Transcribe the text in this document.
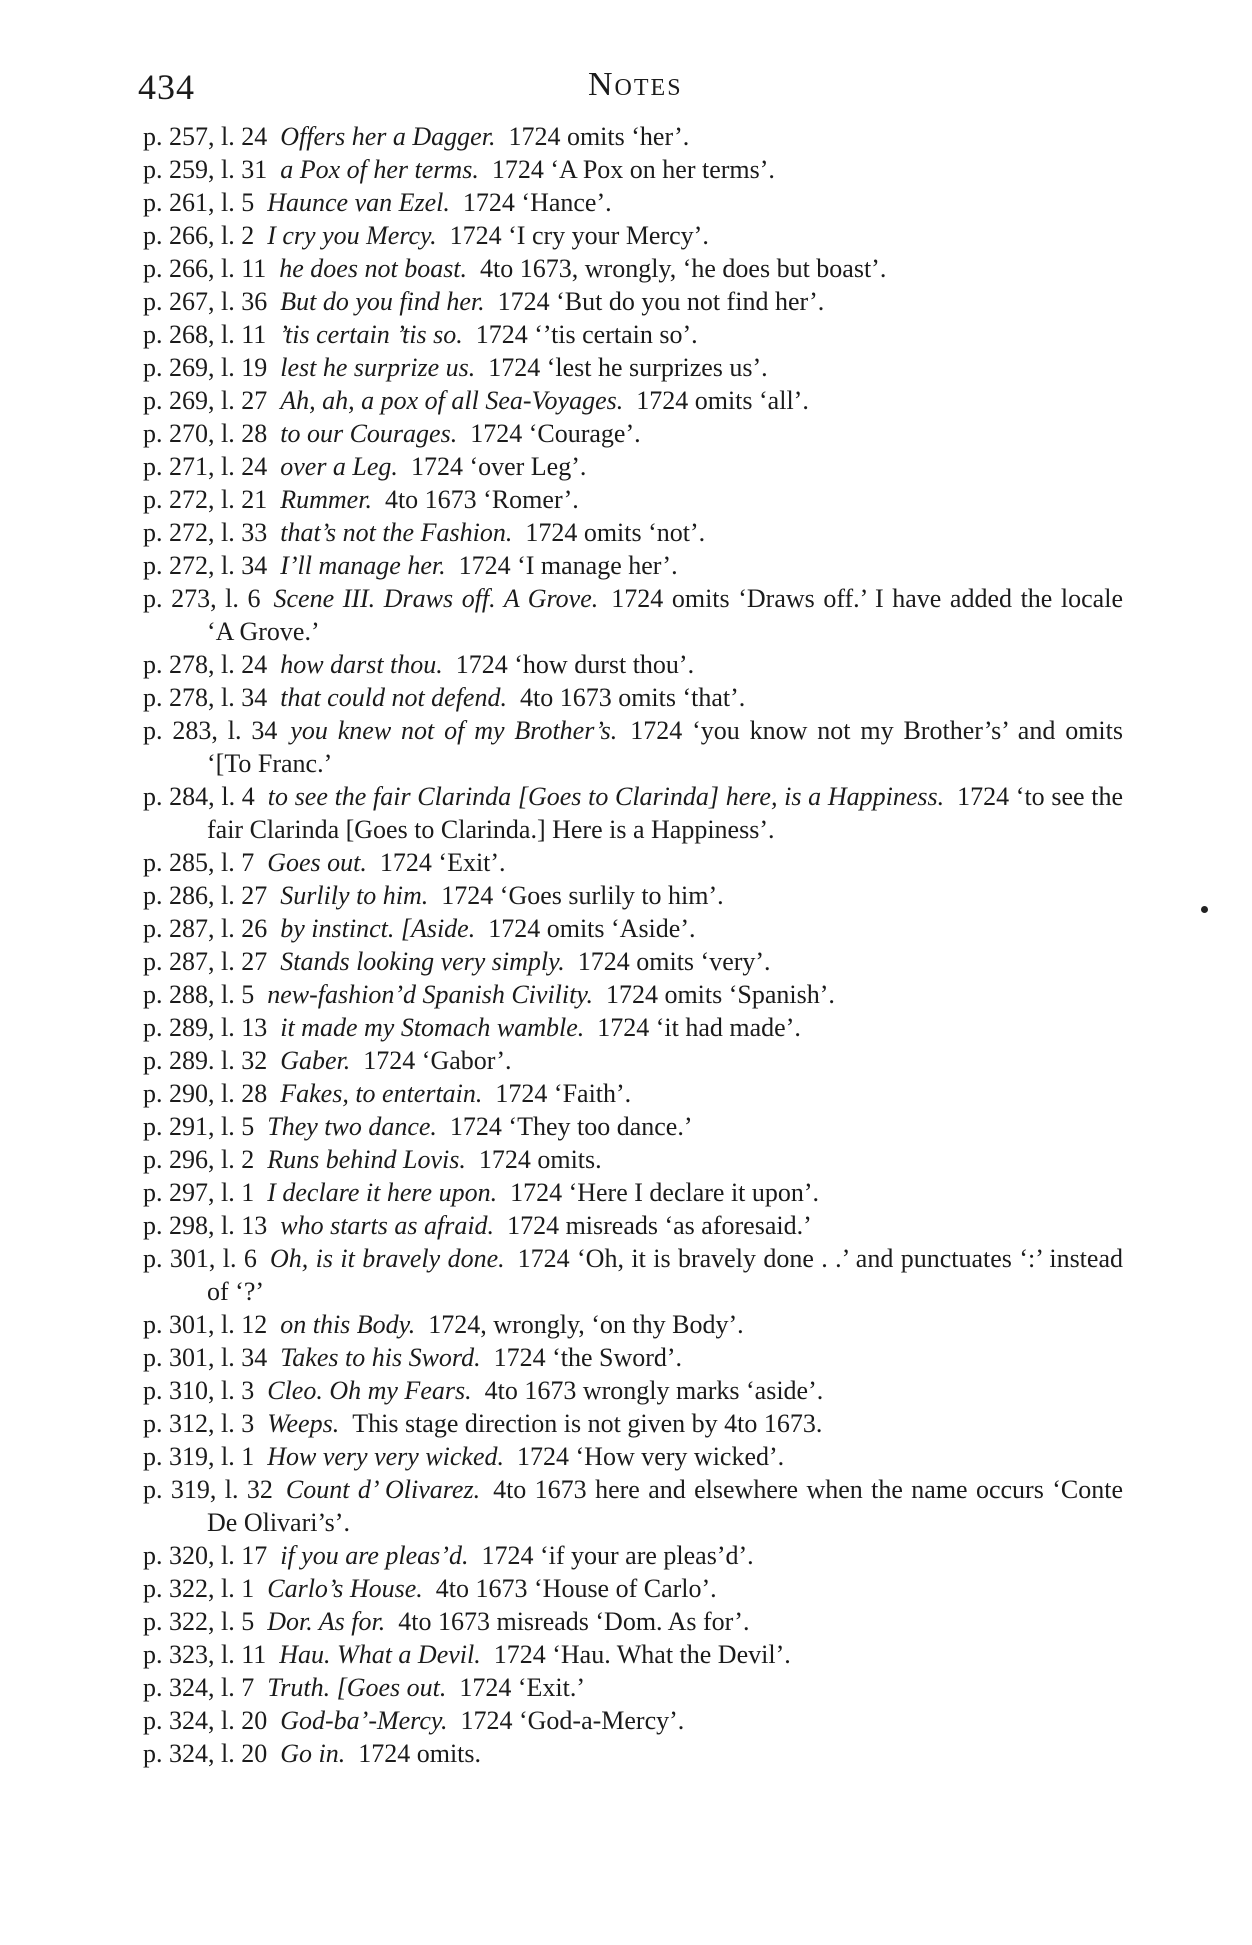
434	Notes
p. 257, l. 24  Offers her a Dagger.  1724 omits ‘her’.
p. 259, l. 31  a Pox of her terms.  1724 ‘A Pox on her terms’.
p. 261, l. 5  Haunce van Ezel.  1724 ‘Hance’.
p. 266, l. 2  I cry you Mercy.  1724 ‘I cry your Mercy’.
p. 266, l. 11  he does not boast.  4to 1673, wrongly, ‘he does but boast’.
p. 267, l. 36  But do you find her.  1724 ‘But do you not find her’.
p. 268, l. 11  ’tis certain ’tis so.  1724 ‘’tis certain so’.
p. 269, l. 19  lest he surprize us.  1724 ‘lest he surprizes us’.
p. 269, l. 27  Ah, ah, a pox of all Sea-Voyages.  1724 omits ‘all’.
p. 270, l. 28  to our Courages.  1724 ‘Courage’.
p. 271, l. 24  over a Leg.  1724 ‘over Leg’.
p. 272, l. 21  Rummer.  4to 1673 ‘Romer’.
p. 272, l. 33  that’s not the Fashion.  1724 omits ‘not’.
p. 272, l. 34  I’ll manage her.  1724 ‘I manage her’.
p. 273, l. 6  Scene III. Draws off. A Grove.  1724 omits ‘Draws off.’ I have added the locale ‘A Grove.’
p. 278, l. 24  how darst thou.  1724 ‘how durst thou’.
p. 278, l. 34  that could not defend.  4to 1673 omits ‘that’.
p. 283, l. 34  you knew not of my Brother’s.  1724 ‘you know not my Brother’s’ and omits ‘[To Franc.’
p. 284, l. 4  to see the fair Clarinda [Goes to Clarinda] here, is a Happiness.  1724 ‘to see the fair Clarinda [Goes to Clarinda.] Here is a Happiness’.
p. 285, l. 7  Goes out.  1724 ‘Exit’.
p. 286, l. 27  Surlily to him.  1724 ‘Goes surlily to him’.
p. 287, l. 26  by instinct. [Aside.  1724 omits ‘Aside’.
p. 287, l. 27  Stands looking very simply.  1724 omits ‘very’.
p. 288, l. 5  new-fashion’d Spanish Civility.  1724 omits ‘Spanish’.
p. 289, l. 13  it made my Stomach wamble.  1724 ‘it had made’.
p. 289. l. 32  Gaber.  1724 ‘Gabor’.
p. 290, l. 28  Fakes, to entertain.  1724 ‘Faith’.
p. 291, l. 5  They two dance.  1724 ‘They too dance.’
p. 296, l. 2  Runs behind Lovis.  1724 omits.
p. 297, l. 1  I declare it here upon.  1724 ‘Here I declare it upon’.
p. 298, l. 13  who starts as afraid.  1724 misreads ‘as aforesaid.’
p. 301, l. 6  Oh, is it bravely done.  1724 ‘Oh, it is bravely done . .’ and punctuates ‘:’ instead of ‘?’
p. 301, l. 12  on this Body.  1724, wrongly, ‘on thy Body’.
p. 301, l. 34  Takes to his Sword.  1724 ‘the Sword’.
p. 310, l. 3  Cleo. Oh my Fears.  4to 1673 wrongly marks ‘aside’.
p. 312, l. 3  Weeps.  This stage direction is not given by 4to 1673.
p. 319, l. 1  How very very wicked.  1724 ‘How very wicked’.
p. 319, l. 32  Count d’ Olivarez.  4to 1673 here and elsewhere when the name occurs ‘Conte De Olivari’s’.
p. 320, l. 17  if you are pleas’d.  1724 ‘if your are pleas’d’.
p. 322, l. 1  Carlo’s House.  4to 1673 ‘House of Carlo’.
p. 322, l. 5  Dor. As for.  4to 1673 misreads ‘Dom. As for’.
p. 323, l. 11  Hau. What a Devil.  1724 ‘Hau. What the Devil’.
p. 324, l. 7  Truth. [Goes out.  1724 ‘Exit.’
p. 324, l. 20  God-ba’-Mercy.  1724 ‘God-a-Mercy’.
p. 324, l. 20  Go in.  1724 omits.
